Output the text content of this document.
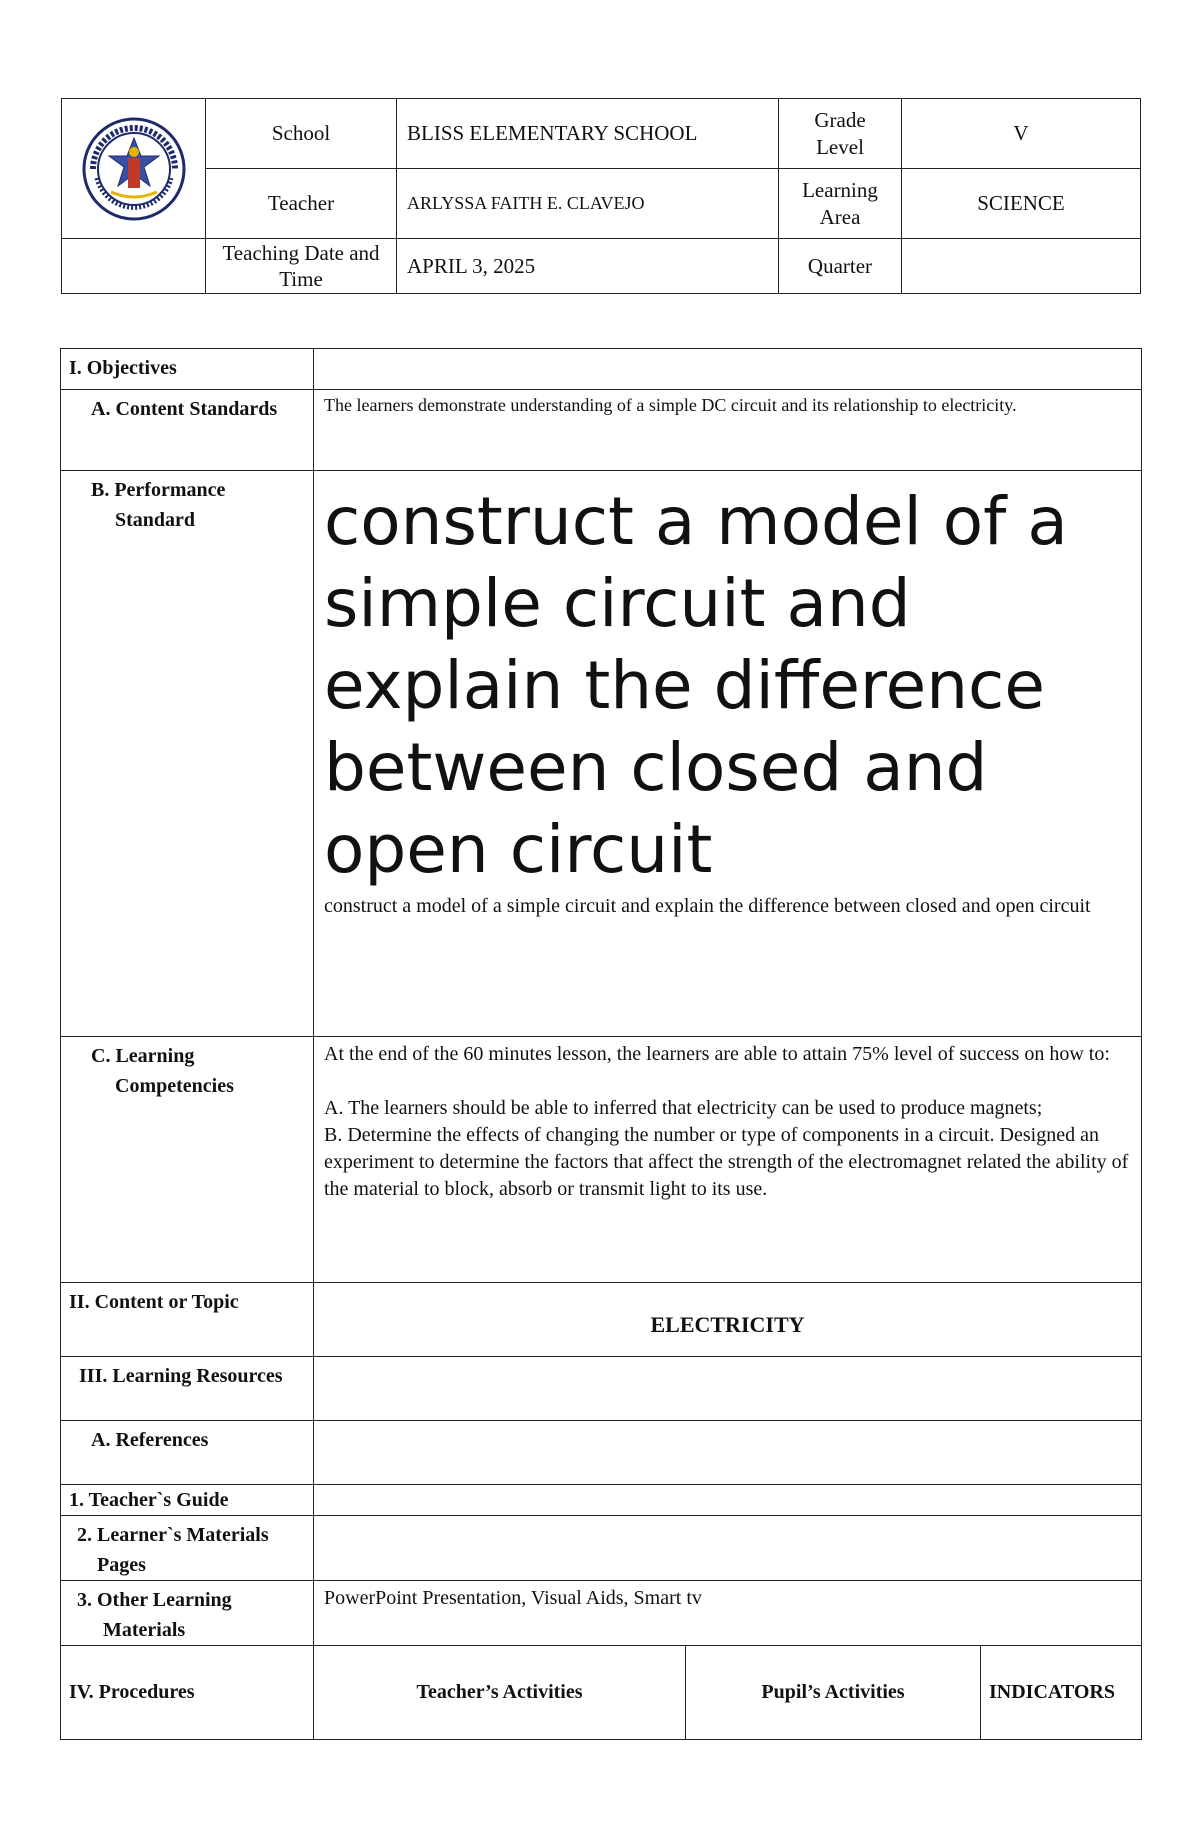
	School	BLISS ELEMENTARY SCHOOL	Grade Level	V
	Teacher	ARLYSSA FAITH E. CLAVEJO	Learning Area	SCIENCE

	Teaching Date and Time	APRIL 3, 2025	Quarter	
I. Objectives			

A. Content Standards	The learners demonstrate understanding of a simple DC circuit and its relationship to electricity.		

B. Performance Standard	construct a model of a simple circuit and explain the difference between closed and open circuit
construct a model of a simple circuit and explain the difference between closed and open circuit		

C. Learning Competencies	At the end of the 60 minutes lesson, the learners are able to attain 75% level of success on how to:
A. The learners should be able to inferred that electricity can be used to produce magnets;
B. Determine the effects of changing the number or type of components in a circuit. Designed an experiment to determine the factors that affect the strength of the electromagnet related the ability of the material to block, absorb or transmit light to its use.		

II. Content or Topic	ELECTRICITY		

III. Learning Resources			

A. References			

1. Teacher`s Guide			

2. Learner`s Materials Pages			

3. Other Learning Materials	PowerPoint Presentation, Visual Aids, Smart tv		
IV. Procedures	Teacher’s Activities	Pupil’s Activities	INDICATORS
